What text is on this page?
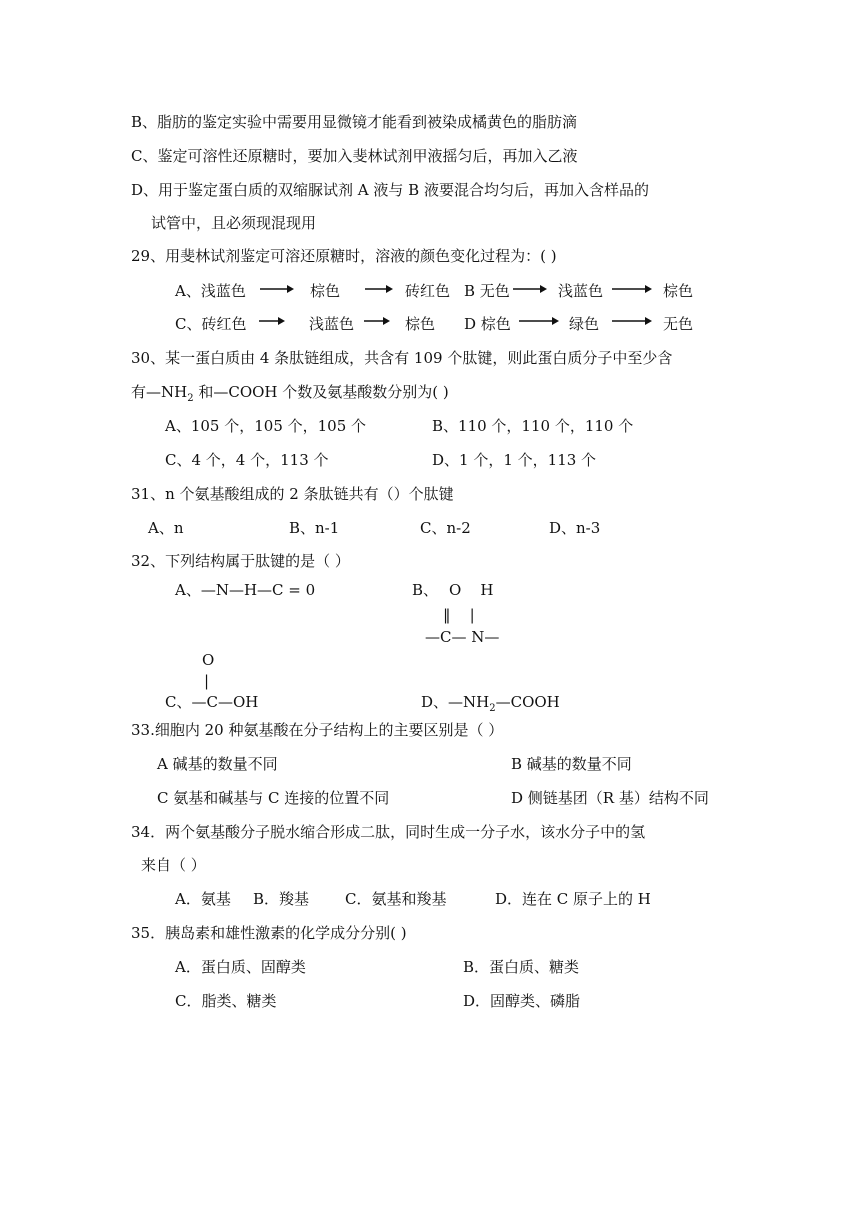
B、脂肪的鉴定实验中需要用显微镜才能看到被染成橘黄色的脂肪滴
C、鉴定可溶性还原糖时，要加入斐林试剂甲液摇匀后，再加入乙液
D、用于鉴定蛋白质的双缩脲试剂 A 液与 B 液要混合均匀后，再加入含样品的
试管中，且必须现混现用
29、用斐林试剂鉴定可溶还原糖时，溶液的颜色变化过程为：( )
A、浅蓝色	棕色	砖红色 B 无色	浅蓝色	棕色
C、砖红色	浅蓝色	棕色 D 棕色	绿色	无色
30、某一蛋白质由 4 条肽链组成，共含有 109 个肽键，则此蛋白质分子中至少含
有$—NH_2$ 和—COOH 个数及氨基酸数分别为( )
A、105 个，105 个，105 个	B、110 个，110 个，110 个
C、4 个，4 个，113 个	D、1 个，1 个，113 个
31、n 个氨基酸组成的 2 条肽链共有（）个肽键
A、n	B、n-1	C、n-2	D、n-3
32、下列结构属于肽键的是（ ）
A、—N—H—C = 0	B、 O    H
‖    |
—C— N—
O
|
C、—C—OH	D、$—NH_2—COOH$
33.细胞内 20 种氨基酸在分子结构上的主要区别是（ ）
A 碱基的数量不同	B 碱基的数量不同
C 氨基和碱基与 C 连接的位置不同	D 侧链基团（R 基）结构不同
34．两个氨基酸分子脱水缩合形成二肽，同时生成一分子水，该水分子中的氢
来自（ ）
A．氨基 B．羧基 C．氨基和羧基	D．连在 C 原子上的 H
35．胰岛素和雄性激素的化学成分分别( )
A．蛋白质、固醇类	B．蛋白质、糖类
C．脂类、糖类	D．固醇类、磷脂
